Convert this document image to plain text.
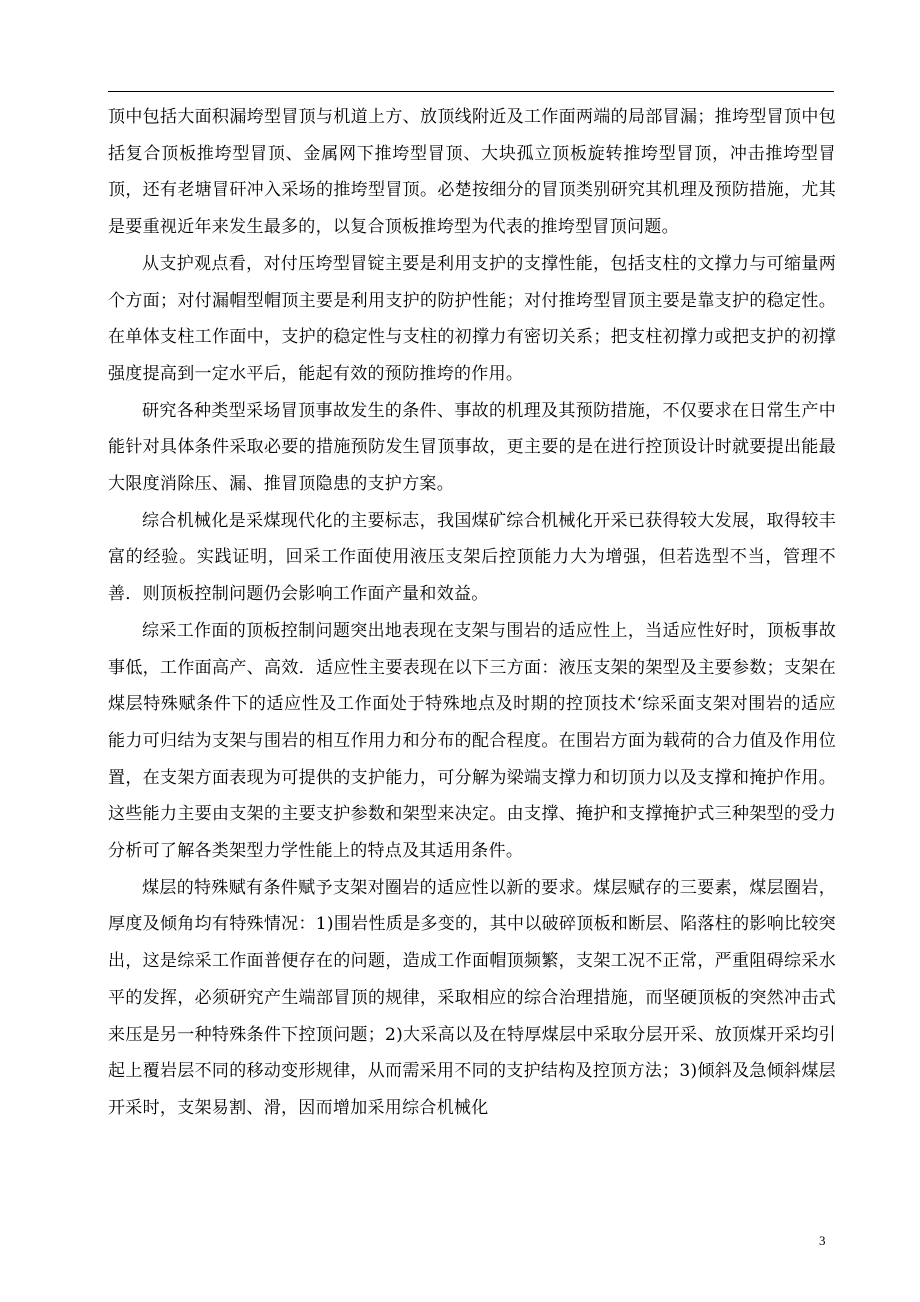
顶中包括大面积漏垮型冒顶与机道上方、放顶线附近及工作面两端的局部冒漏；推垮型冒顶中包括复合顶板推垮型冒顶、金属网下推垮型冒顶、大块孤立顶板旋转推垮型冒顶，冲击推垮型冒顶，还有老塘冒矸冲入采场的推垮型冒顶。必楚按细分的冒顶类别研究其机理及预防措施，尤其是要重视近年来发生最多的，以复合顶板推垮型为代表的推垮型冒顶问题。

从支护观点看，对付压垮型冒锭主要是利用支护的支撑性能，包括支柱的文撑力与可缩量两个方面；对付漏帽型帽顶主要是利用支护的防护性能；对付推垮型冒顶主要是靠支护的稳定性。在单体支柱工作面中，支护的稳定性与支柱的初撑力有密切关系；把支柱初撑力或把支护的初撑强度提高到一定水平后，能起有效的预防推垮的作用。

研究各种类型采场冒顶事故发生的条件、事故的机理及其预防措施，不仅要求在日常生产中能针对具体条件采取必要的措施预防发生冒顶事故，更主要的是在进行控顶设计时就要提出能最大限度消除压、漏、推冒顶隐患的支护方案。

综合机械化是采煤现代化的主要标志，我国煤矿综合机械化开采已获得较大发展，取得较丰富的经验。实践证明，回采工作面使用液压支架后控顶能力大为增强，但若选型不当，管理不善．则顶板控制问题仍会影响工作面产量和效益。

综采工作面的顶板控制问题突出地表现在支架与围岩的适应性上，当适应性好时，顶板事故事低，工作面高产、高效．适应性主要表现在以下三方面：液压支架的架型及主要参数；支架在煤层特殊赋条件下的适应性及工作面处于特殊地点及时期的控顶技术‘综采面支架对围岩的适应能力可归结为支架与围岩的相互作用力和分布的配合程度。在围岩方面为载荷的合力值及作用位置，在支架方面表现为可提供的支护能力，可分解为梁端支撑力和切顶力以及支撑和掩护作用。这些能力主要由支架的主要支护参数和架型来决定。由支撑、掩护和支撑掩护式三种架型的受力分析可了解各类架型力学性能上的特点及其适用条件。

煤层的特殊赋有条件赋予支架对圈岩的适应性以新的要求。煤层赋存的三要素，煤层圈岩，厚度及倾角均有特殊情况：1)围岩性质是多变的，其中以破碎顶板和断层、陷落柱的影响比较突出，这是综采工作面普便存在的问题，造成工作面帽顶频繁，支架工况不正常，严重阻碍综采水平的发挥，必须研究产生端部冒顶的规律，采取相应的综合治理措施，而坚硬顶板的突然冲击式来压是另一种特殊条件下控顶问题；2)大采高以及在特厚煤层中采取分层开采、放顶煤开采均引起上覆岩层不同的移动变形规律，从而需采用不同的支护结构及控顶方法；3)倾斜及急倾斜煤层开采时，支架易割、滑，因而增加采用综合机械化

3
